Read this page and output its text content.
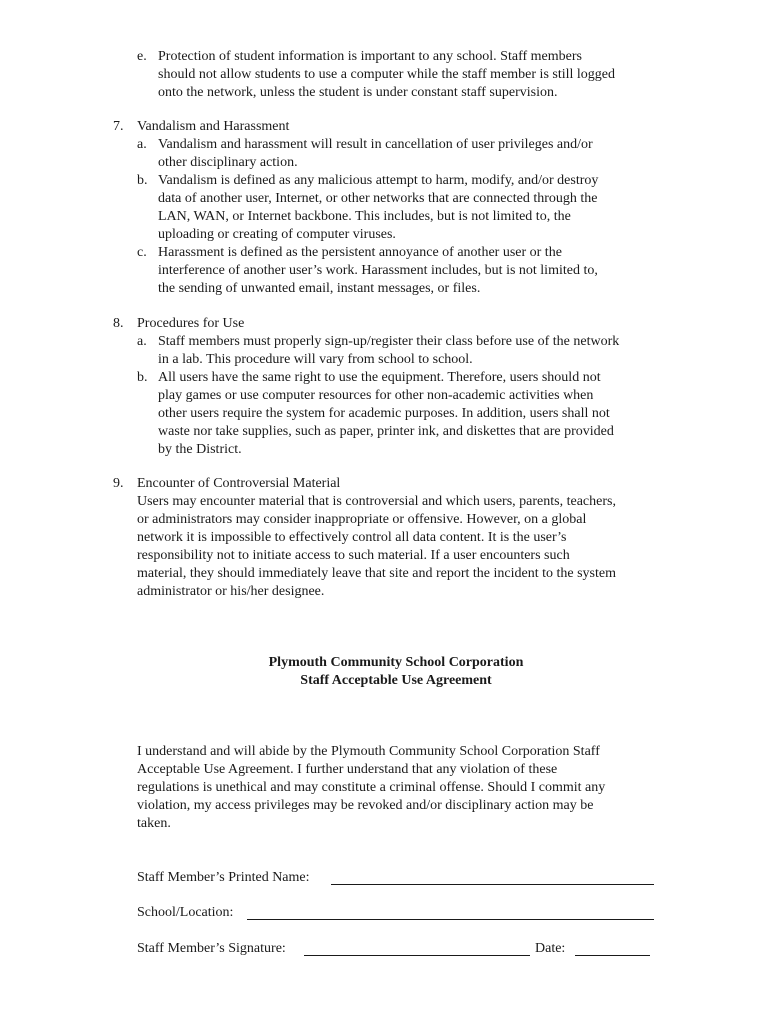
e. Protection of student information is important to any school. Staff members
should not allow students to use a computer while the staff member is still logged
onto the network, unless the student is under constant staff supervision.
7. Vandalism and Harassment
a. Vandalism and harassment will result in cancellation of user privileges and/or
other disciplinary action.
b. Vandalism is defined as any malicious attempt to harm, modify, and/or destroy
data of another user, Internet, or other networks that are connected through the
LAN, WAN, or Internet backbone. This includes, but is not limited to, the
uploading or creating of computer viruses.
c. Harassment is defined as the persistent annoyance of another user or the
interference of another user’s work. Harassment includes, but is not limited to,
the sending of unwanted email, instant messages, or files.
8. Procedures for Use
a. Staff members must properly sign-up/register their class before use of the network
in a lab. This procedure will vary from school to school.
b. All users have the same right to use the equipment. Therefore, users should not
play games or use computer resources for other non-academic activities when
other users require the system for academic purposes. In addition, users shall not
waste nor take supplies, such as paper, printer ink, and diskettes that are provided
by the District.
9. Encounter of Controversial Material
Users may encounter material that is controversial and which users, parents, teachers,
or administrators may consider inappropriate or offensive. However, on a global
network it is impossible to effectively control all data content. It is the user’s
responsibility not to initiate access to such material. If a user encounters such
material, they should immediately leave that site and report the incident to the system
administrator or his/her designee.
Plymouth Community School Corporation
Staff Acceptable Use Agreement
I understand and will abide by the Plymouth Community School Corporation Staff
Acceptable Use Agreement. I further understand that any violation of these
regulations is unethical and may constitute a criminal offense. Should I commit any
violation, my access privileges may be revoked and/or disciplinary action may be
taken.
Staff Member’s Printed Name:
School/Location:
Staff Member’s Signature:	Date:
